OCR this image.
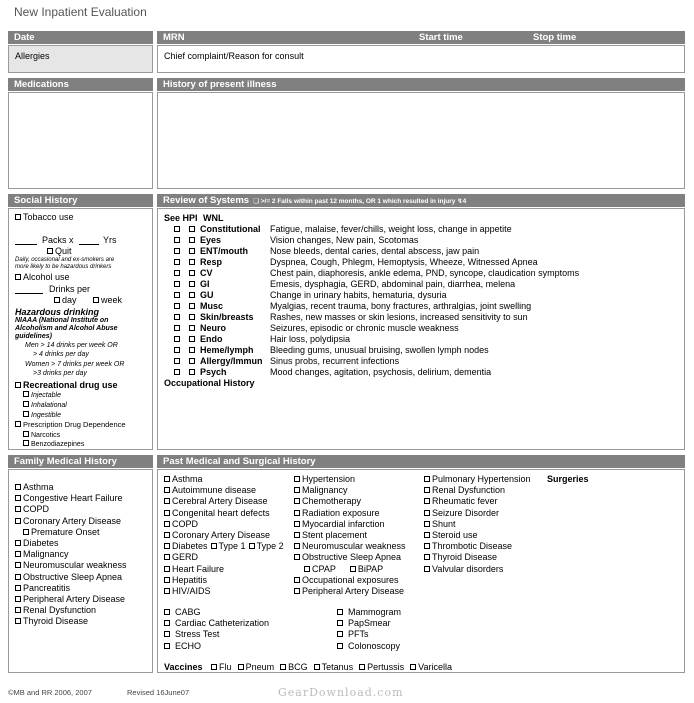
New Inpatient Evaluation
Date	MRN	Start time	Stop time
Allergies	Chief complaint/Reason for consult
Medications	History of present illness
Social History	Review of Systems ❑ >/= 2 Falls within past 12 months, OR 1 which resulted in injury ↯4
Tobacco use
Packs x	Yrs
Quit
Daily, occasional and ex-smokers are
more likely to be hazardous drinkers
Alcohol use
Drinks per
day	week
Hazardous drinking
NIAAA (National Institute on
Alcoholism and Alcohol Abuse
guidelines)
Men > 14 drinks per week OR
> 4 drinks per day
Women > 7 drinks per week OR
>3 drinks per day
Recreational drug use
Injectable
Inhalational
Ingestible
Prescription Drug Dependence
Narcotics
Benzodiazepines
See HPI WNL
Constitutional Fatigue, malaise, fever/chills, weight loss, change in appetite
Eyes	Vision changes, New pain, Scotomas
ENT/mouth Nose bleeds, dental caries, dental abscess, jaw pain
Resp	Dyspnea, Cough, Phlegm, Hemoptysis, Wheeze, Witnessed Apnea
CV	Chest pain, diaphoresis, ankle edema, PND, syncope, claudication symptoms
GI	Emesis, dysphagia, GERD, abdominal pain, diarrhea, melena
GU	Change in urinary habits, hematuria, dysuria
Musc	Myalgias, recent trauma, bony fractures, arthralgias, joint swelling
Skin/breasts Rashes, new masses or skin lesions, increased sensitivity to sun
Neuro	Seizures, episodic or chronic muscle weakness
Endo	Hair loss, polydipsia
Heme/lymph Bleeding gums, unusual bruising, swollen lymph nodes
Allergy/Immun Sinus probs, recurrent infections
Psych	Mood changes, agitation, psychosis, delirium, dementia
Occupational History
Family Medical History	Past Medical and Surgical History
Asthma
Congestive Heart Failure
COPD
Coronary Artery Disease
Premature Onset
Diabetes
Malignancy
Neuromuscular weakness
Obstructive Sleep Apnea
Pancreatitis
Peripheral Artery Disease
Renal Dysfunction
Thyroid Disease
Asthma
Autoimmune disease
Cerebral Artery Disease
Congenital heart defects
COPD
Coronary Artery Disease
Diabetes Type 1 Type 2
GERD
Heart Failure
Hepatitis
HIV/AIDS
Hypertension
Malignancy
Chemotherapy
Radiation exposure
Myocardial infarction
Stent placement
Neuromuscular weakness
Obstructive Sleep Apnea
CPAP BiPAP
Occupational exposures
Peripheral Artery Disease
Pulmonary Hypertension
Renal Dysfunction
Rheumatic fever
Seizure Disorder
Shunt
Steroid use
Thrombotic Disease
Thyroid Disease
Valvular disorders
Surgeries
CABG
Cardiac Catheterization
Stress Test
ECHO
Mammogram
PapSmear
PFTs
Colonoscopy
Vaccines Flu Pneum BCG Tetanus Pertussis Varicella
©MB and RR 2006, 2007	Revised 16June07	GearDownload.com
